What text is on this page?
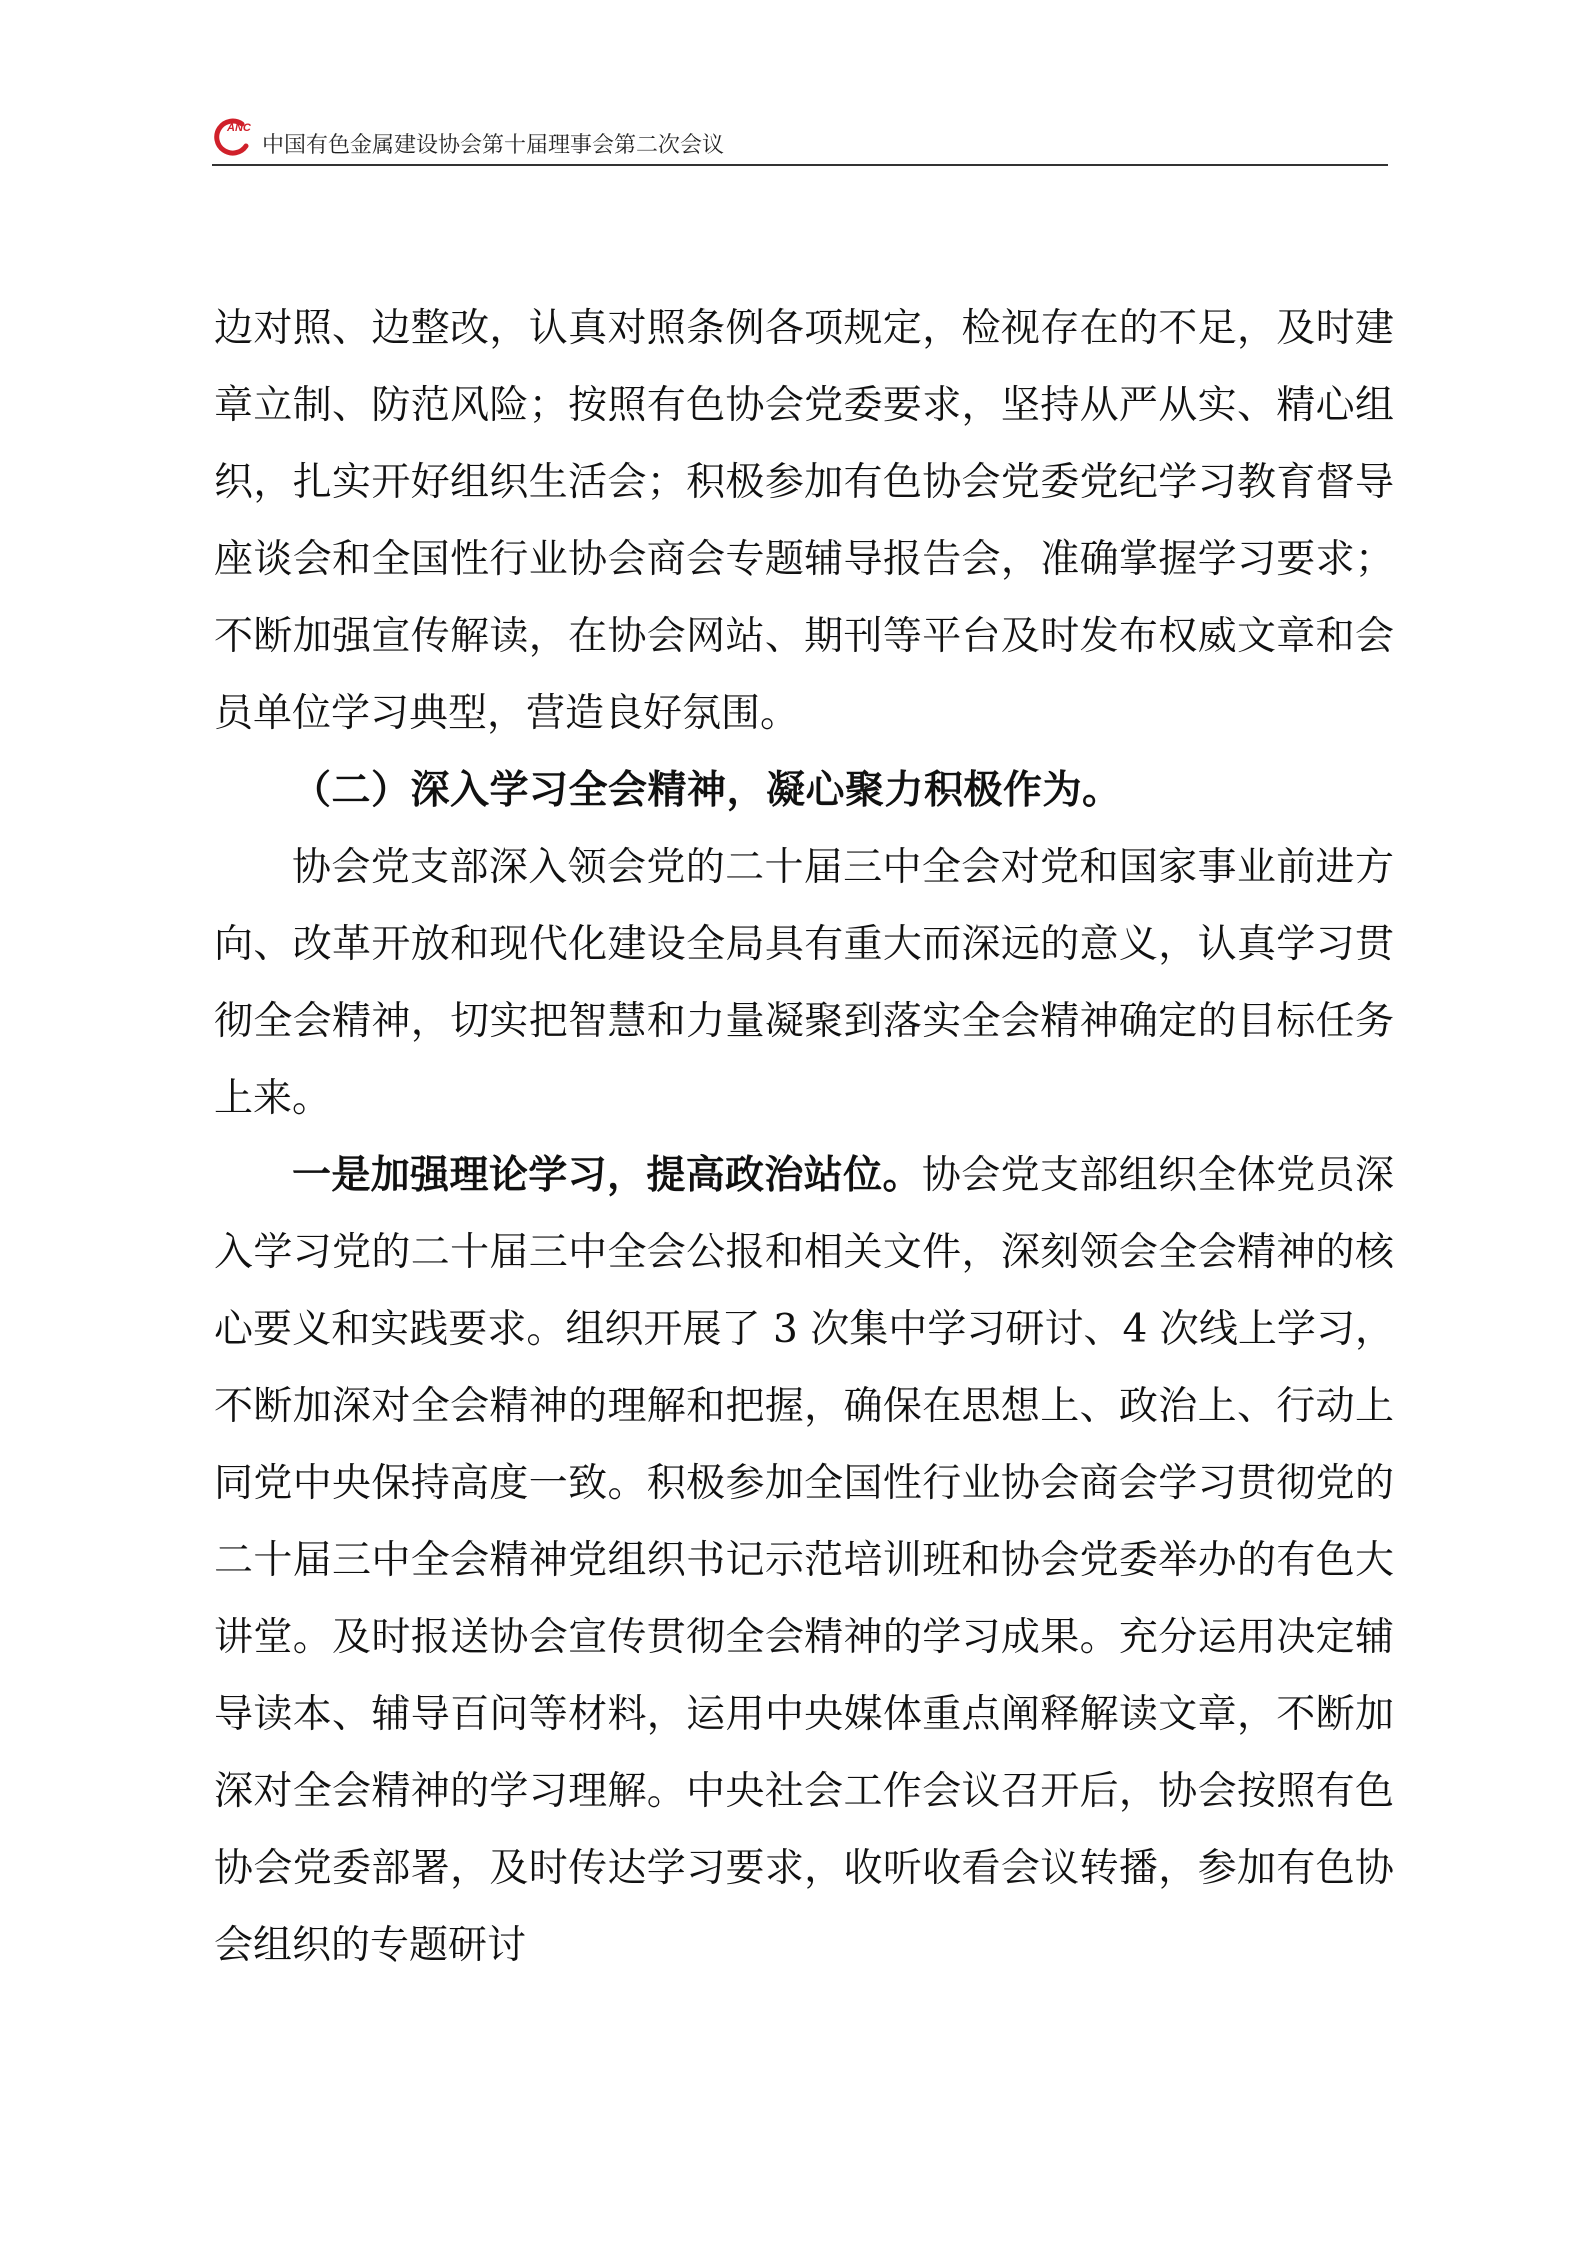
ANC
中国有色金属建设协会第十届理事会第二次会议

边对照、边整改，认真对照条例各项规定，检视存在的不足，及时建章立制、防范风险；按照有色协会党委要求，坚持从严从实、精心组织，扎实开好组织生活会；积极参加有色协会党委党纪学习教育督导座谈会和全国性行业协会商会专题辅导报告会，准确掌握学习要求；不断加强宣传解读，在协会网站、期刊等平台及时发布权威文章和会员单位学习典型，营造良好氛围。

（二）深入学习全会精神，凝心聚力积极作为。

协会党支部深入领会党的二十届三中全会对党和国家事业前进方向、改革开放和现代化建设全局具有重大而深远的意义，认真学习贯彻全会精神，切实把智慧和力量凝聚到落实全会精神确定的目标任务上来。

一是加强理论学习，提高政治站位。协会党支部组织全体党员深入学习党的二十届三中全会公报和相关文件，深刻领会全会精神的核心要义和实践要求。组织开展了 3 次集中学习研讨、4 次线上学习，不断加深对全会精神的理解和把握，确保在思想上、政治上、行动上同党中央保持高度一致。积极参加全国性行业协会商会学习贯彻党的二十届三中全会精神党组织书记示范培训班和协会党委举办的有色大讲堂。及时报送协会宣传贯彻全会精神的学习成果。充分运用决定辅导读本、辅导百问等材料，运用中央媒体重点阐释解读文章，不断加深对全会精神的学习理解。中央社会工作会议召开后，协会按照有色协会党委部署，及时传达学习要求，收听收看会议转播，参加有色协会组织的专题研讨
